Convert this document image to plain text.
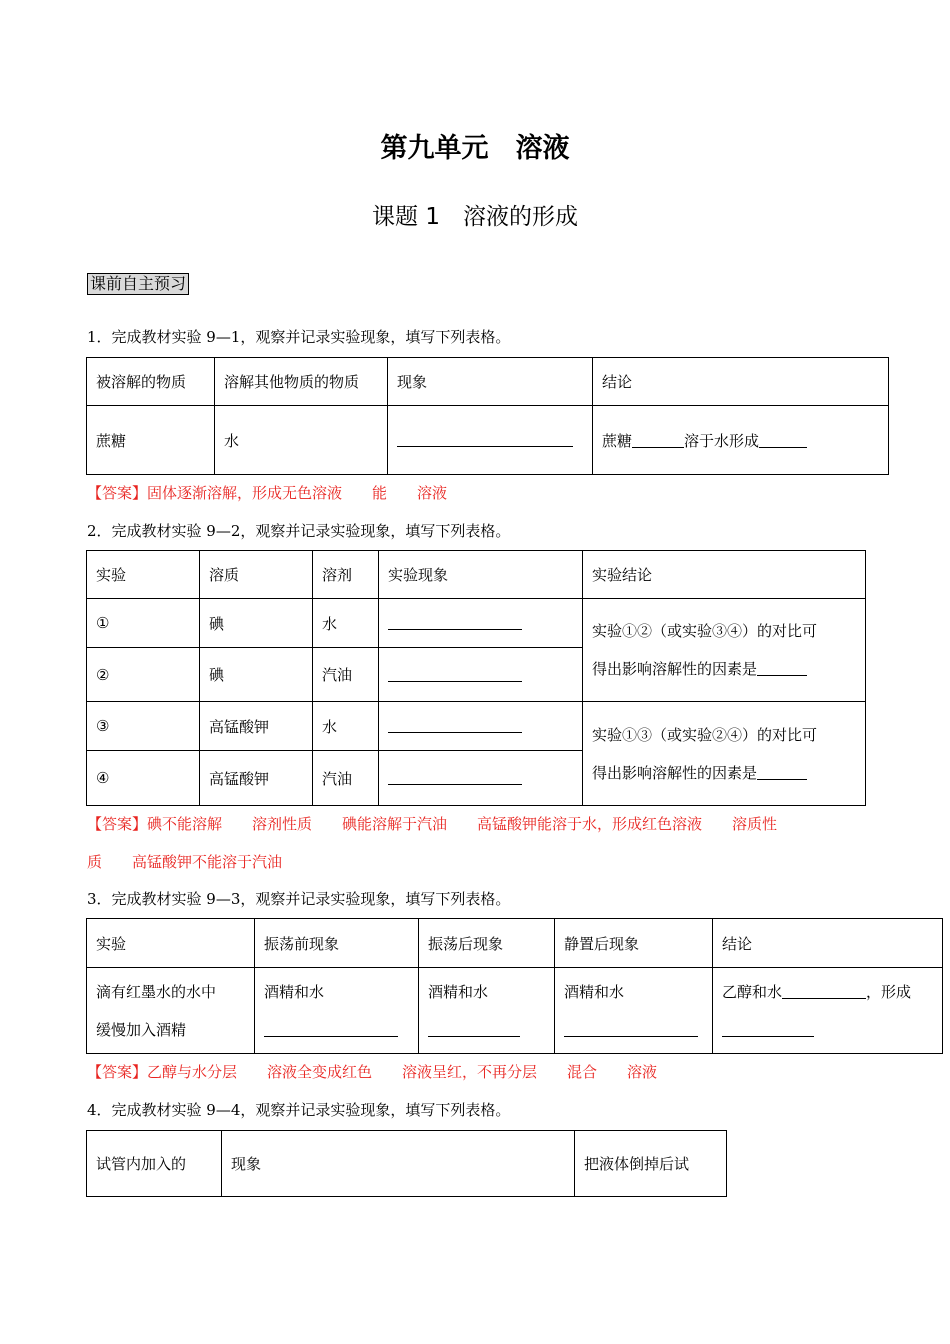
第九单元　溶液
课题 1　溶液的形成
课前自主预习
1．完成教材实验 9—1，观察并记录实验现象，填写下列表格。
被溶解的物质	溶解其他物质的物质	现象	结论
蔗糖	水		蔗糖 溶于水形成
【答案】固体逐渐溶解，形成无色溶液　　能　　溶液
2．完成教材实验 9—2，观察并记录实验现象，填写下列表格。
实验	溶质	溶剂	实验现象	实验结论
①	碘	水		实验①②（或实验③④）的对比可
得出影响溶解性的因素是

②	碘	汽油		
③	高锰酸钾	水		实验①③（或实验②④）的对比可
得出影响溶解性的因素是

④	高锰酸钾	汽油		
【答案】碘不能溶解　　溶剂性质　　碘能溶解于汽油　　高锰酸钾能溶于水，形成红色溶液　　溶质性
质　　高锰酸钾不能溶于汽油
3．完成教材实验 9—3，观察并记录实验现象，填写下列表格。
实验	振荡前现象	振荡后现象	静置后现象	结论

滴有红墨水的水中
缓慢加入酒精	酒精和水	酒精和水	酒精和水	乙醇和水 ，形成
【答案】乙醇与水分层　　溶液全变成红色　　溶液呈红，不再分层　　混合　　溶液
4．完成教材实验 9—4，观察并记录实验现象，填写下列表格。
试管内加入的	现象	把液体倒掉后试
